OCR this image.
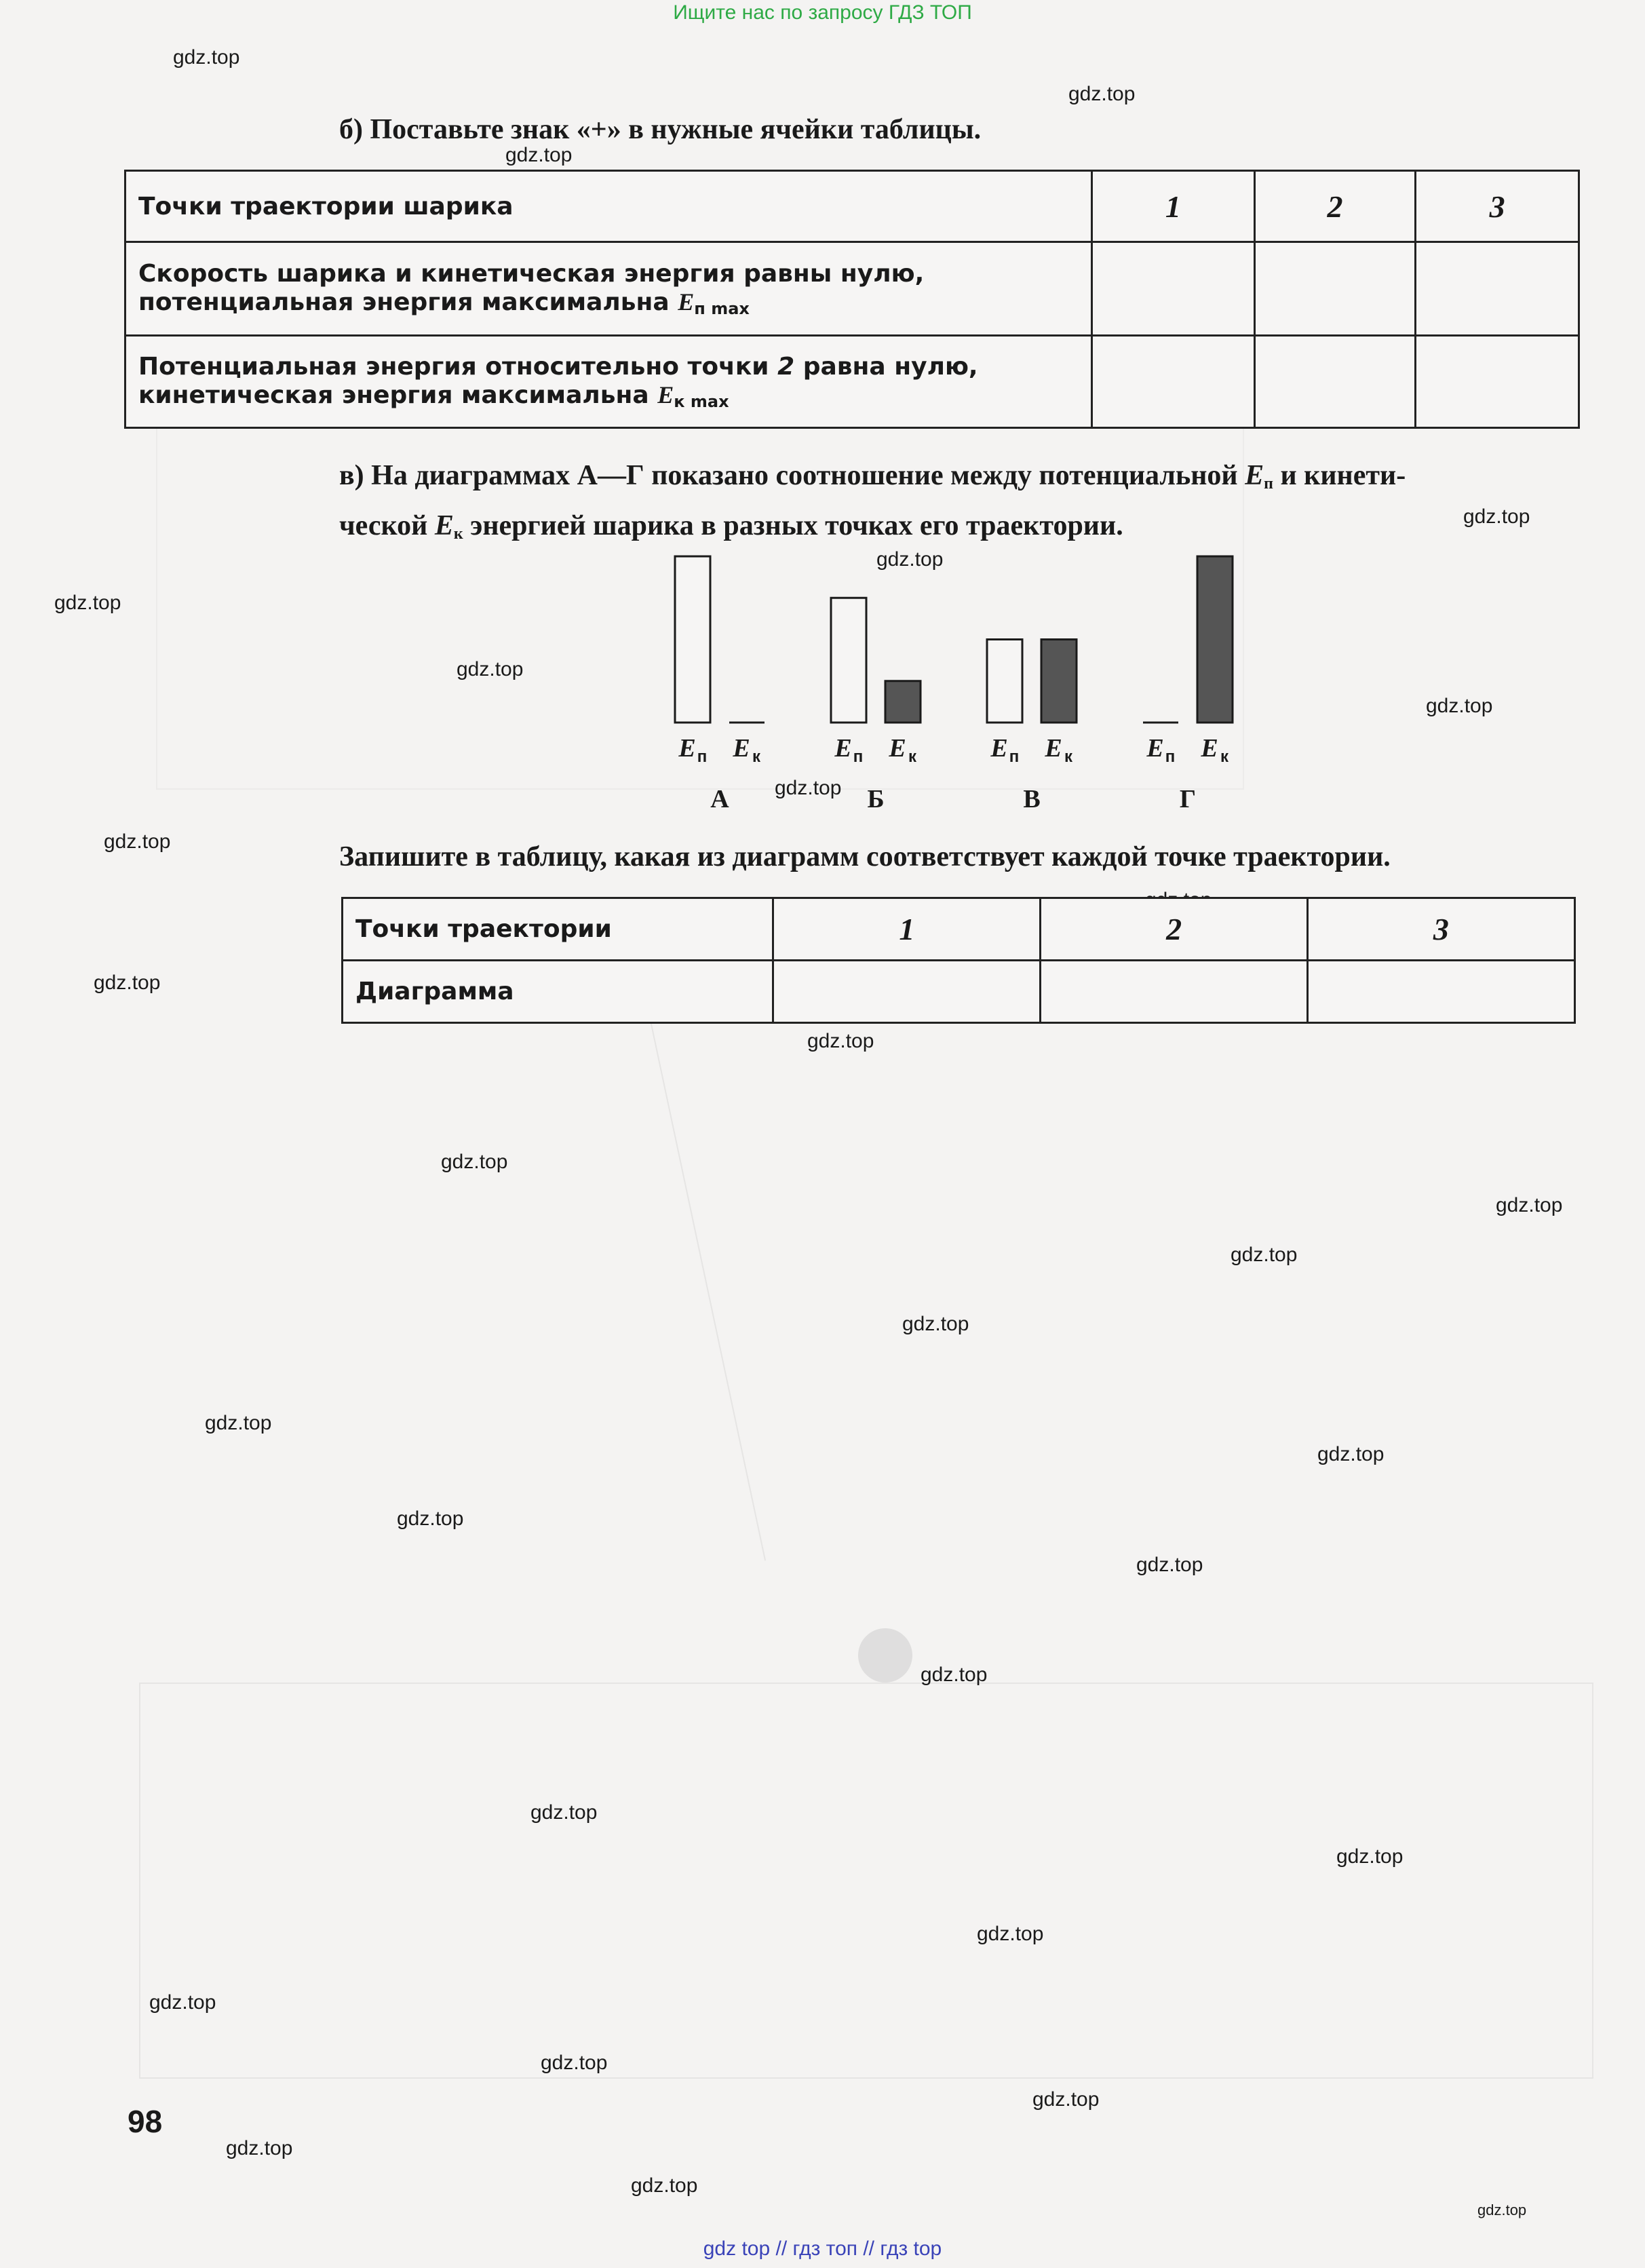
Ищите нас по запросу ГДЗ ТОП
gdz top // гдз топ // гдз top
gdz.top
gdz.top
gdz.top
gdz.top
gdz.top
gdz.top
gdz.top
gdz.top
gdz.top
gdz.top
gdz.top
gdz.top
gdz.top
gdz.top
gdz.top
gdz.top
gdz.top
gdz.top
gdz.top
gdz.top
gdz.top
gdz.top
gdz.top
gdz.top
gdz.top
gdz.top
gdz.top
gdz.top
gdz.top
gdz.top
б) Поставьте знак «+» в нужные ячейки таблицы.
Точки траектории шарика	1	2	3

Скорость шарика и кинетическая энергия равны нулю,
потенциальная энергия максимальна $E_{п max}$

Потенциальная энергия относительно точки 2 равна нулю,
кинетическая энергия максимальна $E_{к max}$

в) На диаграммах А—Г показано соотношение между потенциальной $E_п$ и кинети-
ческой $E_к$ энергией шарика в разных точках его траектории.
E п E к
А
E п E к
Б
E п E к
В
E п E к
Г
Запишите в таблицу, какая из диаграмм соответствует каждой точке траектории.
Точки траектории	1	2	3
Диаграмма			
98
